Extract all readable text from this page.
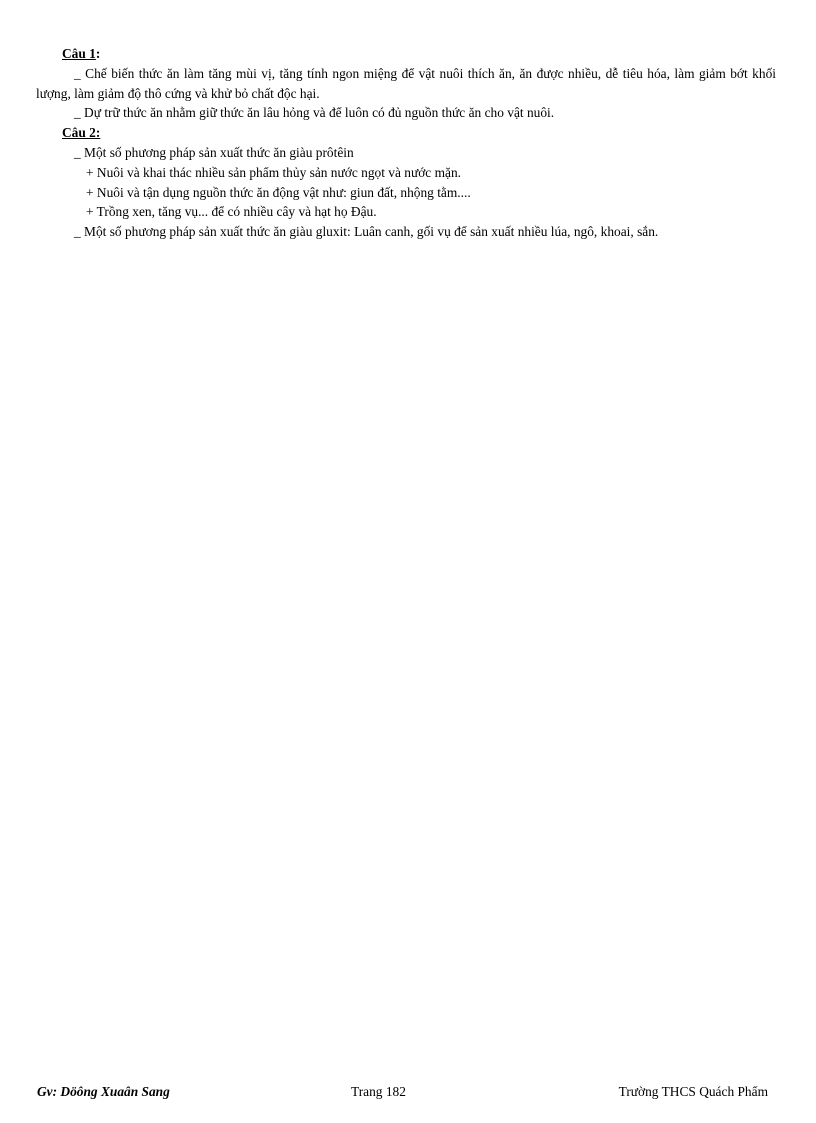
Câu 1:

_ Chế biến thức ăn làm tăng mùi vị, tăng tính ngon miệng để vật nuôi thích ăn, ăn được nhiều, dễ tiêu hóa, làm giảm bớt khối lượng, làm giảm độ thô cứng và khử bỏ chất độc hại.

_ Dự trữ thức ăn nhằm giữ thức ăn lâu hỏng và để luôn có đủ nguồn thức ăn cho vật nuôi.

Câu 2:
_ Một số phương pháp sản xuất thức ăn giàu prôtêin
+ Nuôi và khai thác nhiều sản phẩm thủy sản nước ngọt và nước mặn.
+ Nuôi và tận dụng nguồn thức ăn động vật như: giun đất, nhộng tằm....
+ Trồng xen, tăng vụ... để có nhiều cây và hạt họ Đậu.

_ Một số phương pháp sản xuất thức ăn giàu gluxit: Luân canh, gối vụ để sản xuất nhiều lúa, ngô, khoai, sắn.

Gv: Döông Xuaân Sang	Trang 182	Trường THCS Quách Phẩm
